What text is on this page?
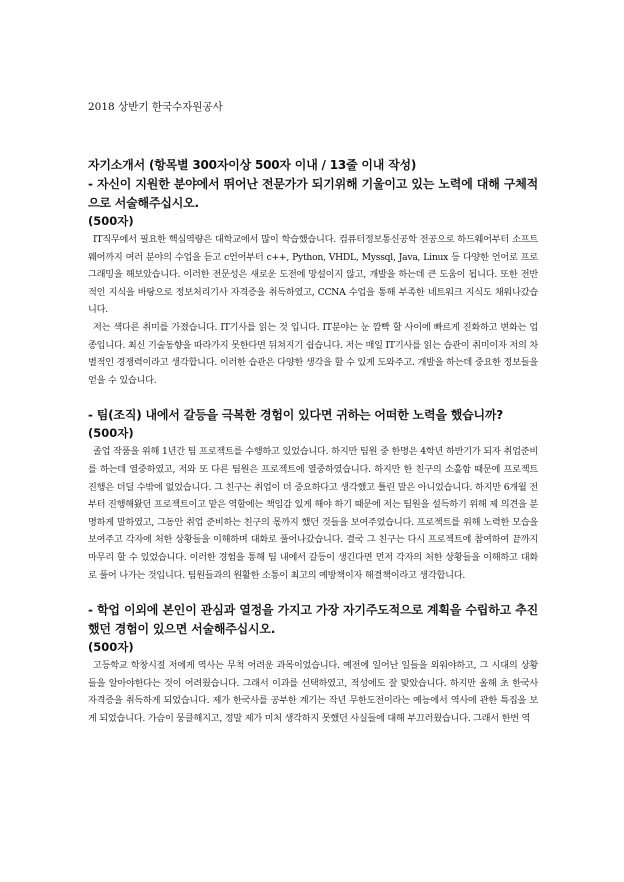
2018 상반기 한국수자원공사

자기소개서 (항목별 300자이상 500자 이내 / 13줄 이내 작성)

- 자신이 지원한 분야에서 뛰어난 전문가가 되기위해 기울이고 있는 노력에 대해 구체적으로 서술해주십시오.

(500자)

IT직무에서 필요한 핵심역량은 대학교에서 많이 학습했습니다. 컴퓨터정보통신공학 전공으로 하드웨어부터 소프트웨어까지 여러 분야의 수업을 듣고 c언어부터 c++, Python, VHDL, Myssql, Java, Linux 등 다양한 언어로 프로그래밍을 해보았습니다. 이러한 전문성은 새로운 도전에 망설이지 않고, 개발을 하는데 큰 도움이 됩니다. 또한 전반적인 지식을 바탕으로 정보처리기사 자격증을 취득하였고, CCNA 수업을 통해 부족한 네트워크 지식도 채워나갔습니다.

저는 색다른 취미를 가졌습니다. IT기사를 읽는 것 입니다. IT분야는 눈 깜빡 할 사이에 빠르게 진화하고 변화는 업종입니다. 최신 기술동향을 따라가지 못한다면 뒤쳐지기 쉽습니다. 저는 매일 IT기사를 읽는 습관이 취미이자 저의 차별적인 경쟁력이라고 생각합니다. 이러한 습관은 다양한 생각을 할 수 있게 도와주고. 개발을 하는데 중요한 정보들을 얻을 수 있습니다.

- 팀(조직) 내에서 갈등을 극복한 경험이 있다면 귀하는 어떠한 노력을 했습니까?

(500자)

졸업 작품을 위해 1년간 팀 프로젝트를 수행하고 있었습니다. 하지만 팀원 중 한명은 4학년 하반기가 되자 취업준비를 하는데 열중하였고, 저와 또 다른 팀원은 프로젝트에 열중하였습니다. 하지만 한 친구의 소홀함 때문에 프로젝트 진행은 더딜 수밖에 없었습니다. 그 친구는 취업이 더 중요하다고 생각했고 틀린 말은 아니었습니다. 하지만 6개월 전부터 진행해왔던 프로젝트이고 맡은 역할에는 책임감 있게 해야 하기 때문에 저는 팀원을 설득하기 위해 제 의견을 분명하게 말하였고, 그동안 취업 준비하는 친구의 몫까지 했던 것들을 보여주었습니다. 프로젝트를 위해 노력한 모습을 보여주고 각자에 처한 상황들을 이해하며 대화로 풀어나갔습니다. 결국 그 친구는 다시 프로젝트에 참여하여 끝까지 마무리 할 수 있었습니다. 이러한 경험을 통해 팀 내에서 갈등이 생긴다면 먼저 각자의 처한 상황들을 이해하고 대화로 풀어 나가는 것입니다. 팀원들과의 원활한 소통이 최고의 예방책이자 해결책이라고 생각합니다.

- 학업 이외에 본인이 관심과 열정을 가지고 가장 자기주도적으로 계획을 수립하고 추진했던 경험이 있으면 서술해주십시오.

(500자)

고등학교 학창시절 저에게 역사는 무척 어려운 과목이었습니다. 예전에 일어난 일들을 외워야하고, 그 시대의 상황들을 알아야한다는 것이 어려웠습니다. 그래서 이과를 선택하였고, 적성에도 잘 맞았습니다. 하지만 올해 초 한국사 자격증을 취득하게 되었습니다. 제가 한국사를 공부한 계기는 작년 무한도전이라는 예능에서 역사에 관한 특집을 보게 되었습니다. 가슴이 뭉클해지고, 정말 제가 미처 생각하지 못했던 사실들에 대해 부끄러웠습니다. 그래서 한번 역
